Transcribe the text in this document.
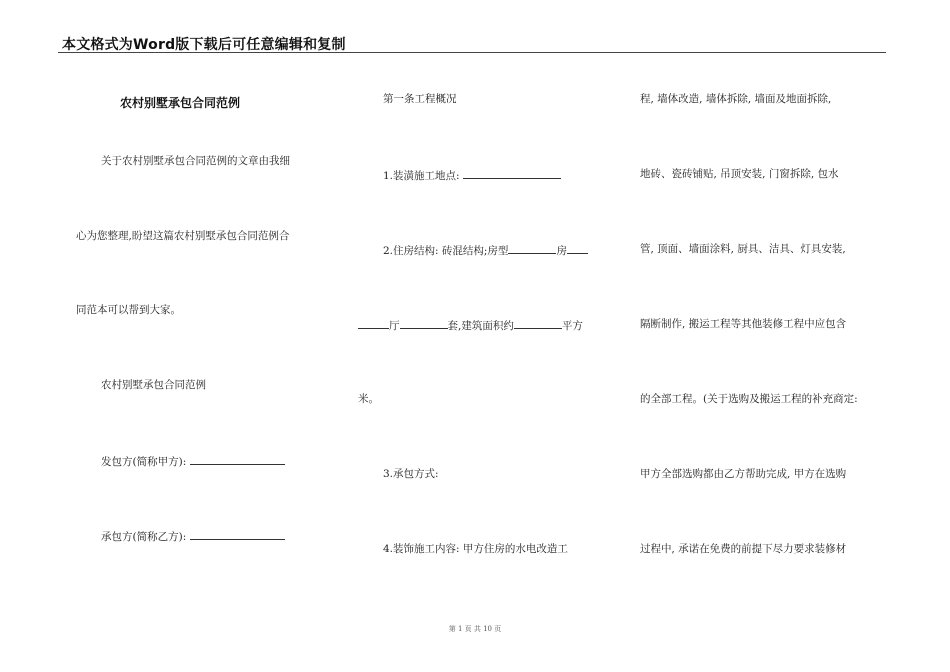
本文格式为Word版下载后可任意编辑和复制
农村别墅承包合同范例
关于农村别墅承包合同范例的文章由我细
心为您整理,盼望这篇农村别墅承包合同范例合
同范本可以帮到大家。
农村别墅承包合同范例
发包方(简称甲方):
承包方(简称乙方):
第一条工程概况
1.装潢施工地点:
2.住房结构: 砖混结构;房型	房
厅	套,建筑面积约	平方
米。
3.承包方式:
4.装饰施工内容: 甲方住房的水电改造工
程, 墙体改造, 墙体拆除, 墙面及地面拆除,
地砖、瓷砖铺贴, 吊顶安装, 门窗拆除, 包水
管, 顶面、墙面涂料, 厨具、洁具、灯具安装,
隔断制作, 搬运工程等其他装修工程中应包含
的全部工程。(关于选购及搬运工程的补充商定:
甲方全部选购都由乙方帮助完成, 甲方在选购
过程中, 承诺在免费的前提下尽力要求装修材
第 1 页 共 10 页
